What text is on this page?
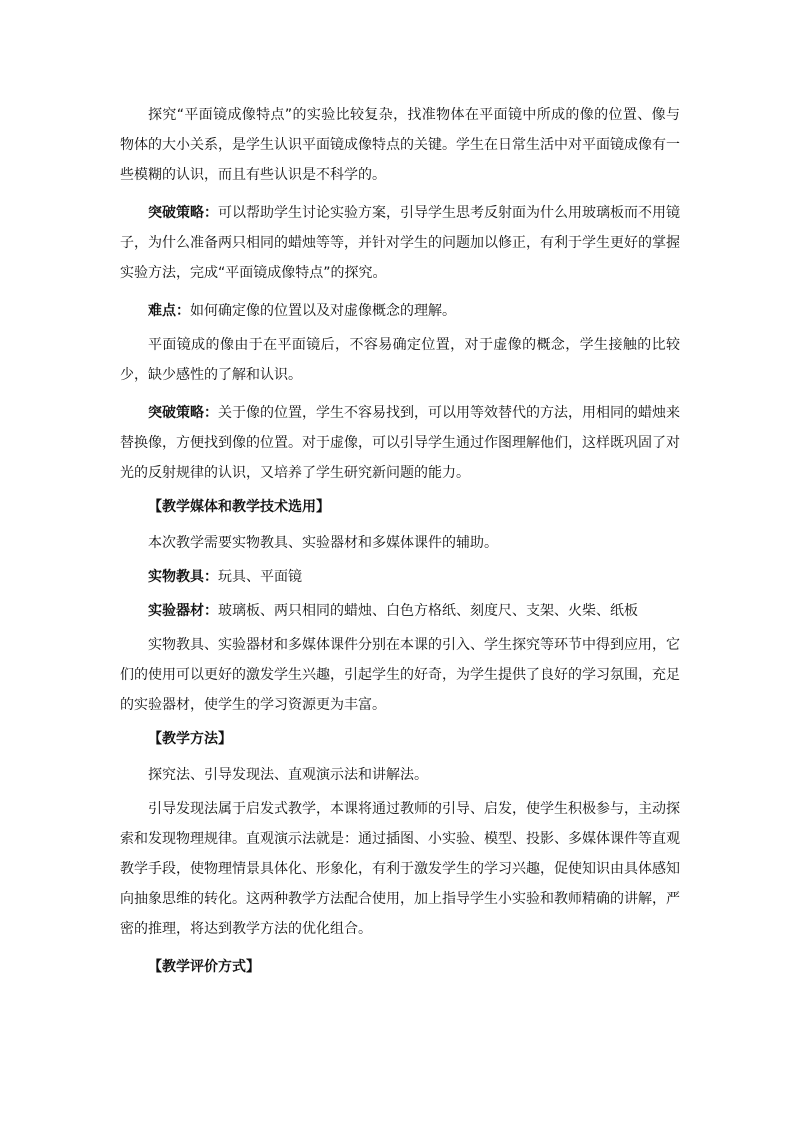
探究“平面镜成像特点”的实验比较复杂，找准物体在平面镜中所成的像的位置、像与物体的大小关系，是学生认识平面镜成像特点的关键。学生在日常生活中对平面镜成像有一些模糊的认识，而且有些认识是不科学的。

突破策略：可以帮助学生讨论实验方案，引导学生思考反射面为什么用玻璃板而不用镜子，为什么准备两只相同的蜡烛等等，并针对学生的问题加以修正，有利于学生更好的掌握实验方法，完成“平面镜成像特点”的探究。

难点：如何确定像的位置以及对虚像概念的理解。

平面镜成的像由于在平面镜后，不容易确定位置，对于虚像的概念，学生接触的比较少，缺少感性的了解和认识。

突破策略：关于像的位置，学生不容易找到，可以用等效替代的方法，用相同的蜡烛来替换像，方便找到像的位置。对于虚像，可以引导学生通过作图理解他们，这样既巩固了对光的反射规律的认识，又培养了学生研究新问题的能力。

【教学媒体和教学技术选用】

本次教学需要实物教具、实验器材和多媒体课件的辅助。

实物教具：玩具、平面镜

实验器材：玻璃板、两只相同的蜡烛、白色方格纸、刻度尺、支架、火柴、纸板

实物教具、实验器材和多媒体课件分别在本课的引入、学生探究等环节中得到应用，它们的使用可以更好的激发学生兴趣，引起学生的好奇，为学生提供了良好的学习氛围，充足的实验器材，使学生的学习资源更为丰富。

【教学方法】

探究法、引导发现法、直观演示法和讲解法。

引导发现法属于启发式教学，本课将通过教师的引导、启发，使学生积极参与，主动探索和发现物理规律。直观演示法就是：通过插图、小实验、模型、投影、多媒体课件等直观教学手段，使物理情景具体化、形象化，有利于激发学生的学习兴趣，促使知识由具体感知向抽象思维的转化。这两种教学方法配合使用，加上指导学生小实验和教师精确的讲解，严密的推理，将达到教学方法的优化组合。

【教学评价方式】
